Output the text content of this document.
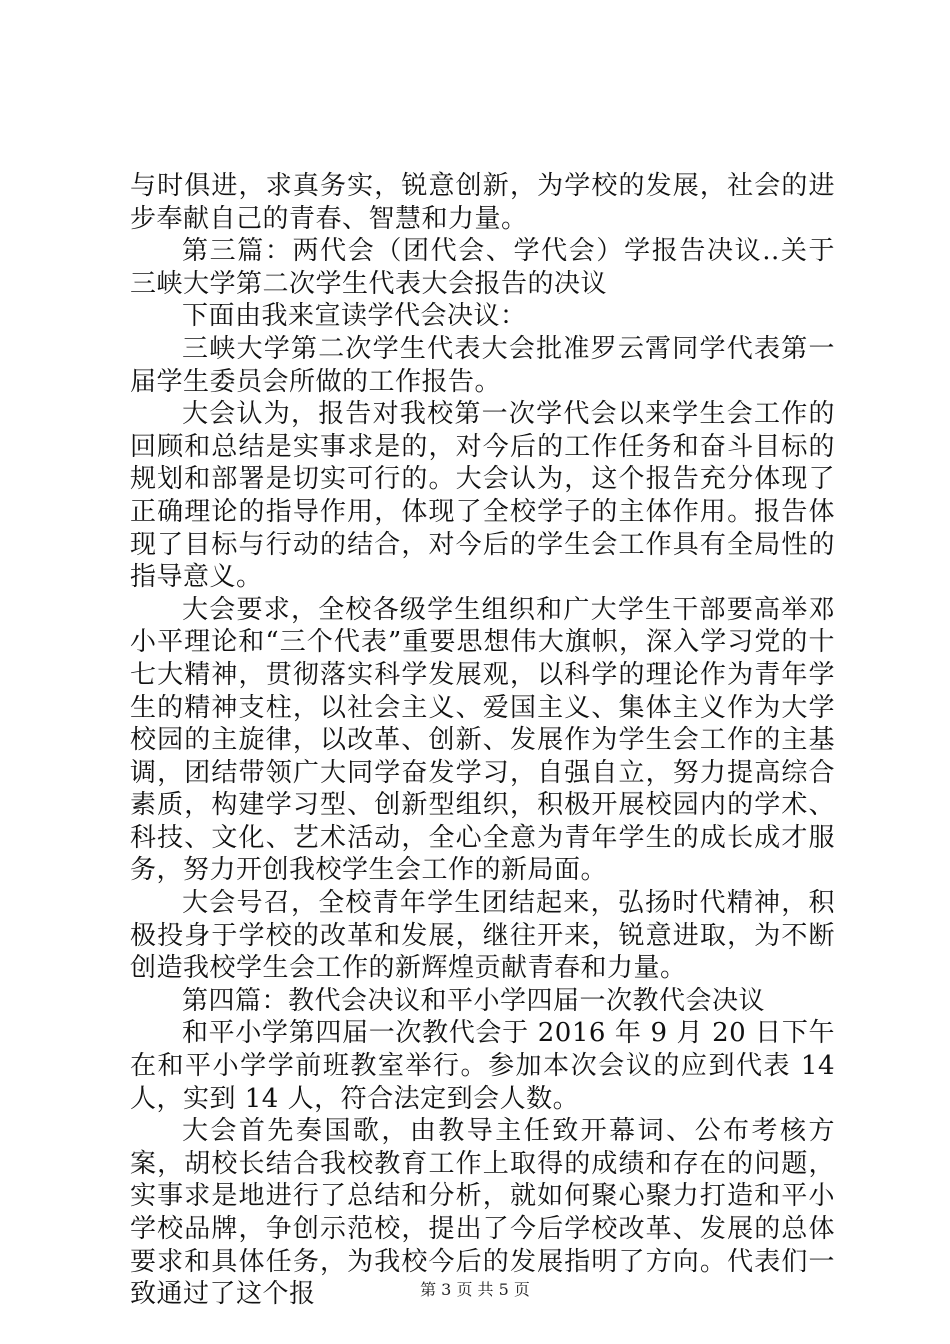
与时俱进，求真务实，锐意创新，为学校的发展，社会的进步奉献自己的青春、智慧和力量。

第三篇：两代会（团代会、学代会）学报告决议..关于三峡大学第二次学生代表大会报告的决议

下面由我来宣读学代会决议：

三峡大学第二次学生代表大会批准罗云霄同学代表第一届学生委员会所做的工作报告。

大会认为，报告对我校第一次学代会以来学生会工作的回顾和总结是实事求是的，对今后的工作任务和奋斗目标的规划和部署是切实可行的。大会认为，这个报告充分体现了正确理论的指导作用，体现了全校学子的主体作用。报告体现了目标与行动的结合，对今后的学生会工作具有全局性的指导意义。

大会要求，全校各级学生组织和广大学生干部要高举邓小平理论和“三个代表”重要思想伟大旗帜，深入学习党的十七大精神，贯彻落实科学发展观，以科学的理论作为青年学生的精神支柱，以社会主义、爱国主义、集体主义作为大学校园的主旋律，以改革、创新、发展作为学生会工作的主基调，团结带领广大同学奋发学习，自强自立，努力提高综合素质，构建学习型、创新型组织，积极开展校园内的学术、科技、文化、艺术活动，全心全意为青年学生的成长成才服务，努力开创我校学生会工作的新局面。

大会号召，全校青年学生团结起来，弘扬时代精神，积极投身于学校的改革和发展，继往开来，锐意进取，为不断创造我校学生会工作的新辉煌贡献青春和力量。

第四篇：教代会决议和平小学四届一次教代会决议

和平小学第四届一次教代会于 2016 年 9 月 20 日下午在和平小学学前班教室举行。参加本次会议的应到代表 14 人，实到 14 人，符合法定到会人数。

大会首先奏国歌，由教导主任致开幕词、公布考核方案，胡校长结合我校教育工作上取得的成绩和存在的问题，实事求是地进行了总结和分析，就如何聚心聚力打造和平小学校品牌，争创示范校，提出了今后学校改革、发展的总体要求和具体任务，为我校今后的发展指明了方向。代表们一致通过了这个报	第 3 页 共 5 页
